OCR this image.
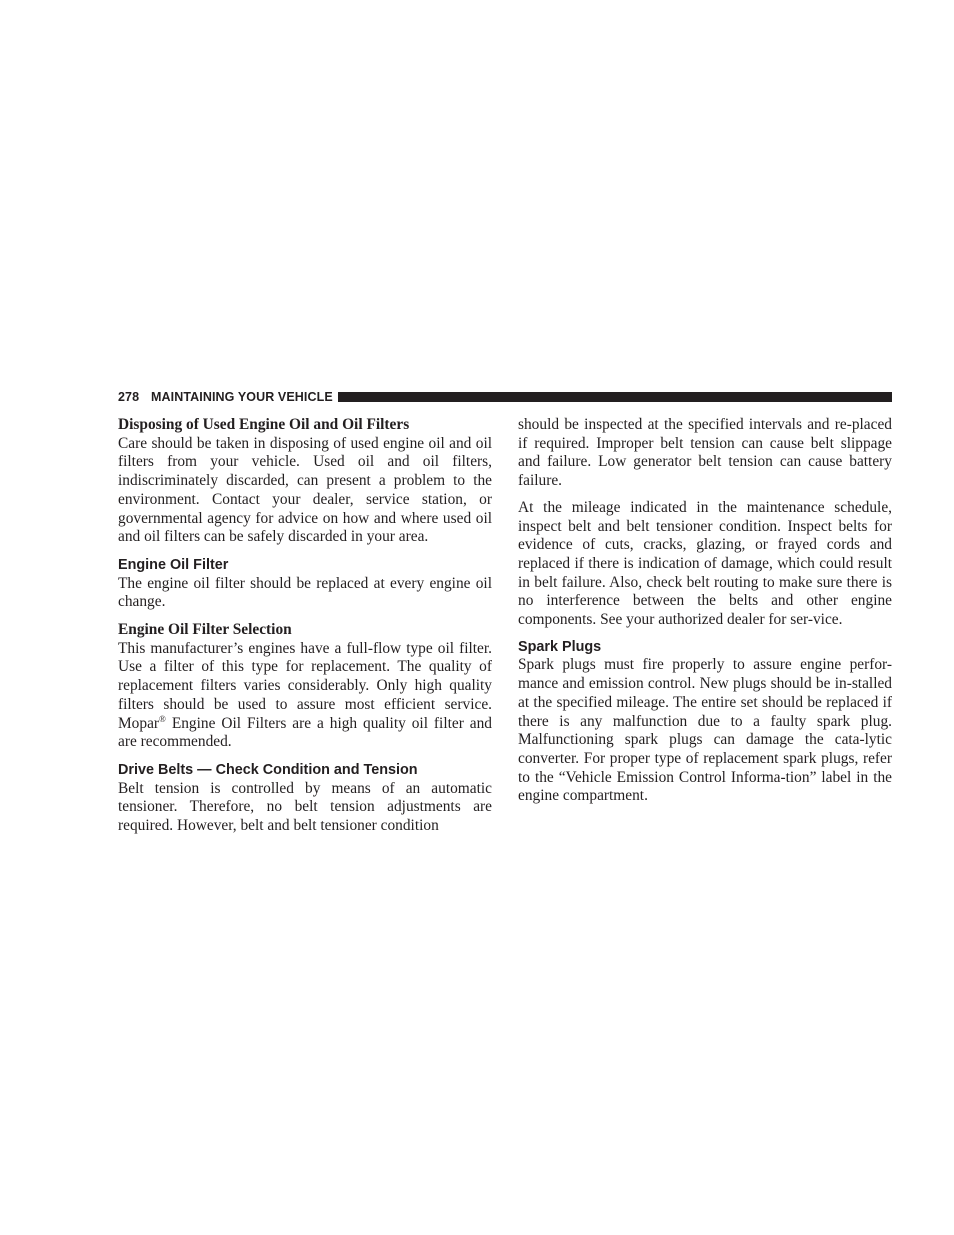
278 MAINTAINING YOUR VEHICLE
Disposing of Used Engine Oil and Oil Filters

Care should be taken in disposing of used engine oil and oil filters from your vehicle. Used oil and oil filters, indiscriminately discarded, can present a problem to the environment. Contact your dealer, service station, or governmental agency for advice on how and where used oil and oil filters can be safely discarded in your area.

Engine Oil Filter

The engine oil filter should be replaced at every engine oil change.

Engine Oil Filter Selection

This manufacturer’s engines have a full-flow type oil filter. Use a filter of this type for replacement. The quality of replacement filters varies considerably. Only high quality filters should be used to assure most efficient service. Mopar® Engine Oil Filters are a high quality oil filter and are recommended.

Drive Belts — Check Condition and Tension

Belt tension is controlled by means of an automatic tensioner. Therefore, no belt tension adjustments are required. However, belt and belt tensioner condition

should be inspected at the specified intervals and re-placed if required. Improper belt tension can cause belt slippage and failure. Low generator belt tension can cause battery failure.

At the mileage indicated in the maintenance schedule, inspect belt and belt tensioner condition. Inspect belts for evidence of cuts, cracks, glazing, or frayed cords and replaced if there is indication of damage, which could result in belt failure. Also, check belt routing to make sure there is no interference between the belts and other engine components. See your authorized dealer for ser-vice.

Spark Plugs

Spark plugs must fire properly to assure engine perfor-mance and emission control. New plugs should be in-stalled at the specified mileage. The entire set should be replaced if there is any malfunction due to a faulty spark plug. Malfunctioning spark plugs can damage the cata-lytic converter. For proper type of replacement spark plugs, refer to the “Vehicle Emission Control Informa-tion” label in the engine compartment.
